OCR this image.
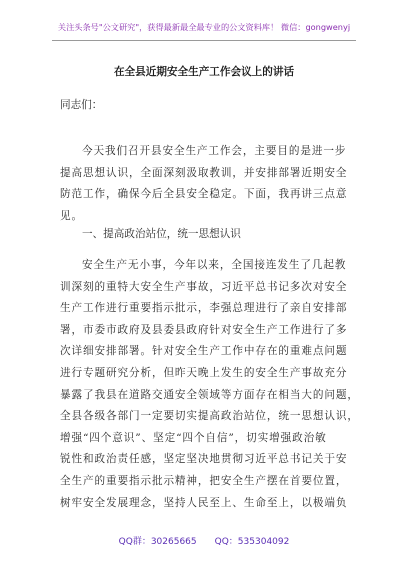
关注头条号"公文研究"，获得最新最全最专业的公文资料库！ 微信：gongwenyj
在全县近期安全生产工作会议上的讲话
同志们：
今天我们召开县安全生产工作会，主要目的是进一步
提高思想认识，全面深刻汲取教训，并安排部署近期安全
防范工作，确保今后全县安全稳定。下面，我再讲三点意
见。
一、提高政治站位，统一思想认识
安全生产无小事，今年以来，全国接连发生了几起教
训深刻的重特大安全生产事故，习近平总书记多次对安全
生产工作进行重要指示批示，李强总理进行了亲自安排部
署，市委市政府及县委县政府针对安全生产工作进行了多
次详细安排部署。针对安全生产工作中存在的重难点问题
进行专题研究分析，但昨天晚上发生的安全生产事故充分
暴露了我县在道路交通安全领域等方面存在相当大的问题，
全县各级各部门一定要切实提高政治站位，统一思想认识，
增强“四个意识”、坚定“四个自信”，切实增强政治敏
锐性和政治责任感，坚定坚决地贯彻习近平总书记关于安
全生产的重要指示批示精神，把安全生产摆在首要位置，
树牢安全发展理念，坚持人民至上、生命至上，以极端负
QQ群：30265665 QQ：535304092
